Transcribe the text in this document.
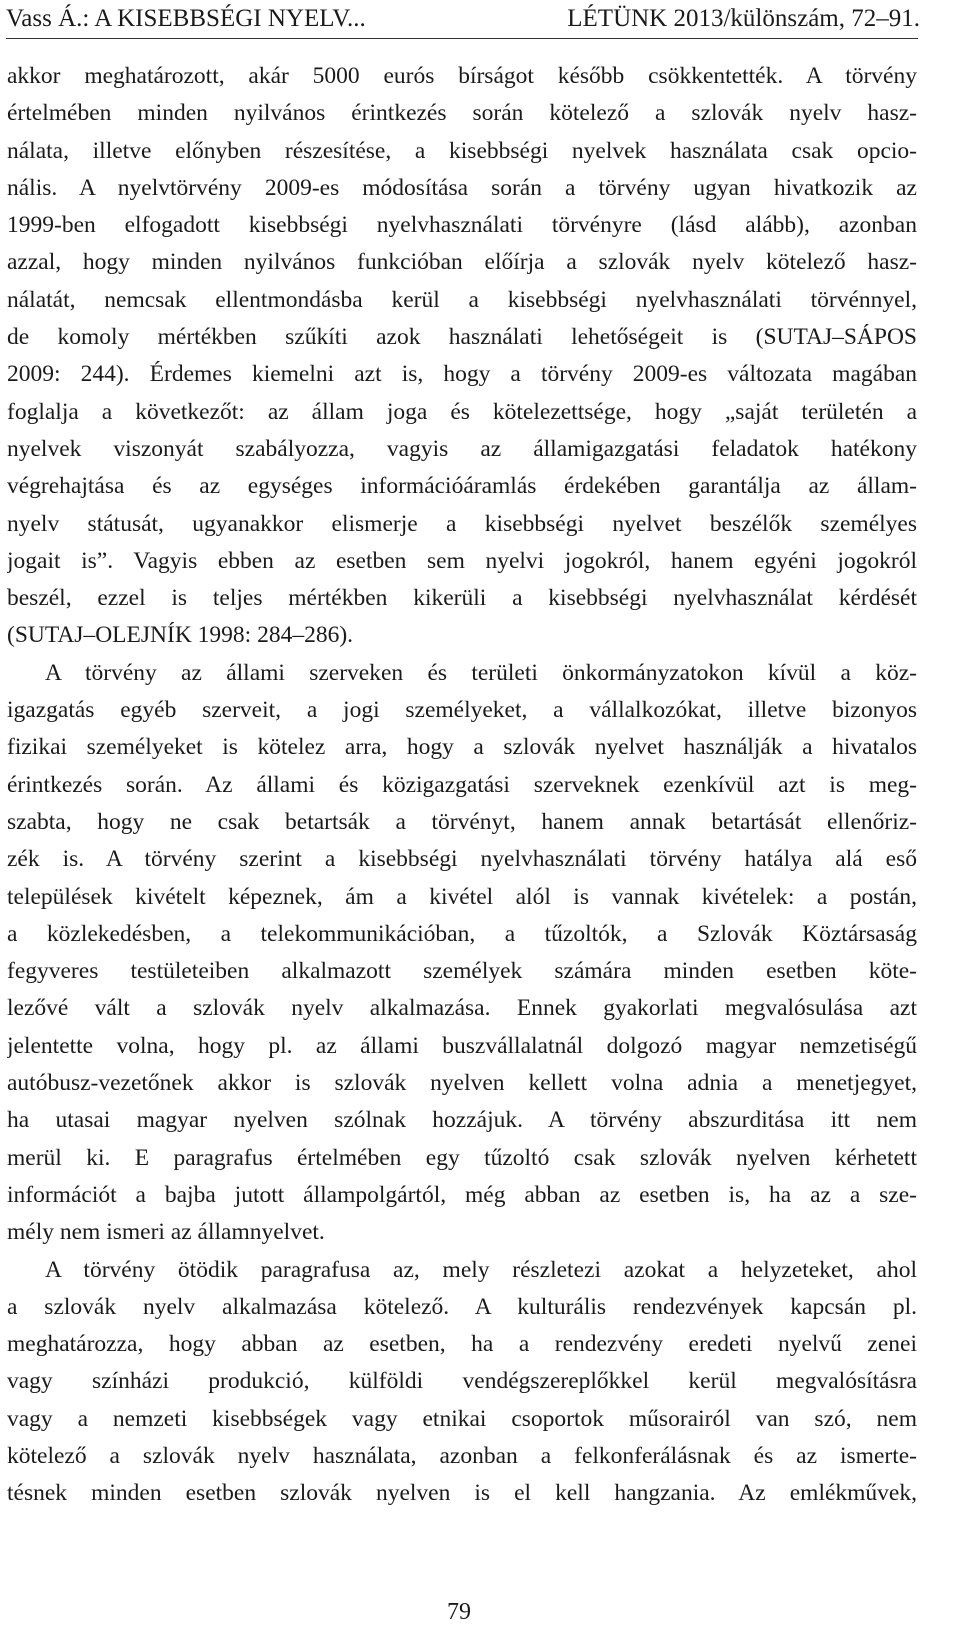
Vass Á.: A KISEBBSÉGI NYELV...	LÉTÜNK 2013/különszám, 72–91.
akkor meghatározott, akár 5000 eurós bírságot később csökkentették. A törvény
értelmében minden nyilvános érintkezés során kötelező a szlovák nyelv hasz-
nálata, illetve előnyben részesítése, a kisebbségi nyelvek használata csak opcio-
nális. A nyelvtörvény 2009-es módosítása során a törvény ugyan hivatkozik az
1999-ben elfogadott kisebbségi nyelvhasználati törvényre (lásd alább), azonban
azzal, hogy minden nyilvános funkcióban előírja a szlovák nyelv kötelező hasz-
nálatát, nemcsak ellentmondásba kerül a kisebbségi nyelvhasználati törvénnyel,
de komoly mértékben szűkíti azok használati lehetőségeit is (SUTAJ–SÁPOS
2009: 244). Érdemes kiemelni azt is, hogy a törvény 2009-es változata magában
foglalja a következőt: az állam joga és kötelezettsége, hogy „saját területén a
nyelvek viszonyát szabályozza, vagyis az államigazgatási feladatok hatékony
végrehajtása és az egységes információáramlás érdekében garantálja az állam-
nyelv státusát, ugyanakkor elismerje a kisebbségi nyelvet beszélők személyes
jogait is”. Vagyis ebben az esetben sem nyelvi jogokról, hanem egyéni jogokról
beszél, ezzel is teljes mértékben kikerüli a kisebbségi nyelvhasználat kérdését
(SUTAJ–OLEJNÍK 1998: 284–286).
A törvény az állami szerveken és területi önkormányzatokon kívül a köz-
igazgatás egyéb szerveit, a jogi személyeket, a vállalkozókat, illetve bizonyos
fizikai személyeket is kötelez arra, hogy a szlovák nyelvet használják a hivatalos
érintkezés során. Az állami és közigazgatási szerveknek ezenkívül azt is meg-
szabta, hogy ne csak betartsák a törvényt, hanem annak betartását ellenőriz-
zék is. A törvény szerint a kisebbségi nyelvhasználati törvény hatálya alá eső
települések kivételt képeznek, ám a kivétel alól is vannak kivételek: a postán,
a közlekedésben, a telekommunikációban, a tűzoltók, a Szlovák Köztársaság
fegyveres testületeiben alkalmazott személyek számára minden esetben köte-
lezővé vált a szlovák nyelv alkalmazása. Ennek gyakorlati megvalósulása azt
jelentette volna, hogy pl. az állami buszvállalatnál dolgozó magyar nemzetiségű
autóbusz-vezetőnek akkor is szlovák nyelven kellett volna adnia a menetjegyet,
ha utasai magyar nyelven szólnak hozzájuk. A törvény abszurditása itt nem
merül ki. E paragrafus értelmében egy tűzoltó csak szlovák nyelven kérhetett
információt a bajba jutott állampolgártól, még abban az esetben is, ha az a sze-
mély nem ismeri az államnyelvet.
A törvény ötödik paragrafusa az, mely részletezi azokat a helyzeteket, ahol
a szlovák nyelv alkalmazása kötelező. A kulturális rendezvények kapcsán pl.
meghatározza, hogy abban az esetben, ha a rendezvény eredeti nyelvű zenei
vagy színházi produkció, külföldi vendégszereplőkkel kerül megvalósításra
vagy a nemzeti kisebbségek vagy etnikai csoportok műsorairól van szó, nem
kötelező a szlovák nyelv használata, azonban a felkonferálásnak és az ismerte-
tésnek minden esetben szlovák nyelven is el kell hangzania. Az emlékművek,
79
